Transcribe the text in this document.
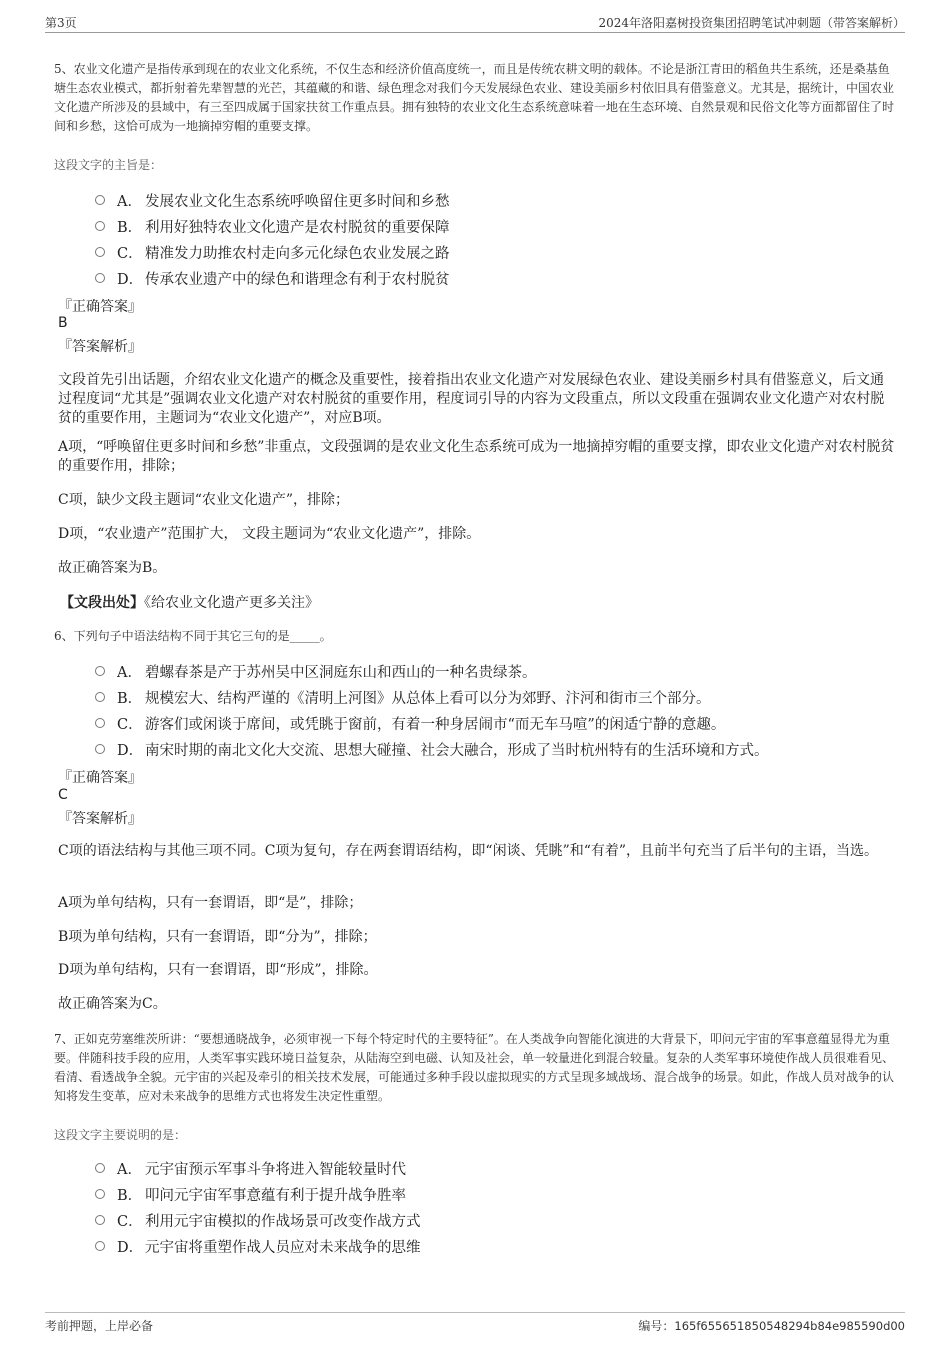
第3页	2024年洛阳嘉树投资集团招聘笔试冲刺题（带答案解析）
5、农业文化遗产是指传承到现在的农业文化系统，不仅生态和经济价值高度统一，而且是传统农耕文明的载体。不论是浙江青田的稻鱼共生系统，还是桑基鱼塘生态农业模式，都折射着先辈智慧的光芒，其蕴藏的和谐、绿色理念对我们今天发展绿色农业、建设美丽乡村依旧具有借鉴意义。尤其是，据统计，中国农业文化遗产所涉及的县域中，有三至四成属于国家扶贫工作重点县。拥有独特的农业文化生态系统意味着一地在生态环境、自然景观和民俗文化等方面都留住了时间和乡愁，这恰可成为一地摘掉穷帽的重要支撑。
这段文字的主旨是：
A． 发展农业文化生态系统呼唤留住更多时间和乡愁
B． 利用好独特农业文化遗产是农村脱贫的重要保障
C． 精准发力助推农村走向多元化绿色农业发展之路
D． 传承农业遗产中的绿色和谐理念有利于农村脱贫
『正确答案』
B
『答案解析』
文段首先引出话题，介绍农业文化遗产的概念及重要性，接着指出农业文化遗产对发展绿色农业、建设美丽乡村具有借鉴意义，后文通过程度词“尤其是”强调农业文化遗产对农村脱贫的重要作用，程度词引导的内容为文段重点，所以文段重在强调农业文化遗产对农村脱贫的重要作用，主题词为“农业文化遗产”，对应B项。
A项，“呼唤留住更多时间和乡愁”非重点，文段强调的是农业文化生态系统可成为一地摘掉穷帽的重要支撑，即农业文化遗产对农村脱贫的重要作用，排除；
C项，缺少文段主题词“农业文化遗产”，排除；
D项，“农业遗产”范围扩大， 文段主题词为“农业文化遗产”，排除。
故正确答案为B。
【文段出处】《给农业文化遗产更多关注》
6、下列句子中语法结构不同于其它三句的是_____。
A． 碧螺春茶是产于苏州吴中区洞庭东山和西山的一种名贵绿茶。
B． 规模宏大、结构严谨的《清明上河图》从总体上看可以分为郊野、汴河和街市三个部分。
C． 游客们或闲谈于席间，或凭眺于窗前，有着一种身居闹市“而无车马喧”的闲适宁静的意趣。
D． 南宋时期的南北文化大交流、思想大碰撞、社会大融合，形成了当时杭州特有的生活环境和方式。
『正确答案』
C
『答案解析』
C项的语法结构与其他三项不同。C项为复句，存在两套谓语结构，即“闲谈、凭眺”和“有着”，且前半句充当了后半句的主语，当选。
A项为单句结构，只有一套谓语，即“是”，排除；
B项为单句结构，只有一套谓语，即“分为”，排除；
D项为单句结构，只有一套谓语，即“形成”，排除。
故正确答案为C。
7、正如克劳塞维茨所讲：“要想通晓战争，必须审视一下每个特定时代的主要特征”。在人类战争向智能化演进的大背景下，叩问元宇宙的军事意蕴显得尤为重要。伴随科技手段的应用，人类军事实践环境日益复杂，从陆海空到电磁、认知及社会，单一较量进化到混合较量。复杂的人类军事环境使作战人员很难看见、看清、看透战争全貌。元宇宙的兴起及牵引的相关技术发展，可能通过多种手段以虚拟现实的方式呈现多域战场、混合战争的场景。如此，作战人员对战争的认知将发生变革，应对未来战争的思维方式也将发生决定性重塑。
这段文字主要说明的是：
A． 元宇宙预示军事斗争将进入智能较量时代
B． 叩问元宇宙军事意蕴有利于提升战争胜率
C． 利用元宇宙模拟的作战场景可改变作战方式
D． 元宇宙将重塑作战人员应对未来战争的思维
考前押题，上岸必备	编号：165f655651850548294b84e985590d00
